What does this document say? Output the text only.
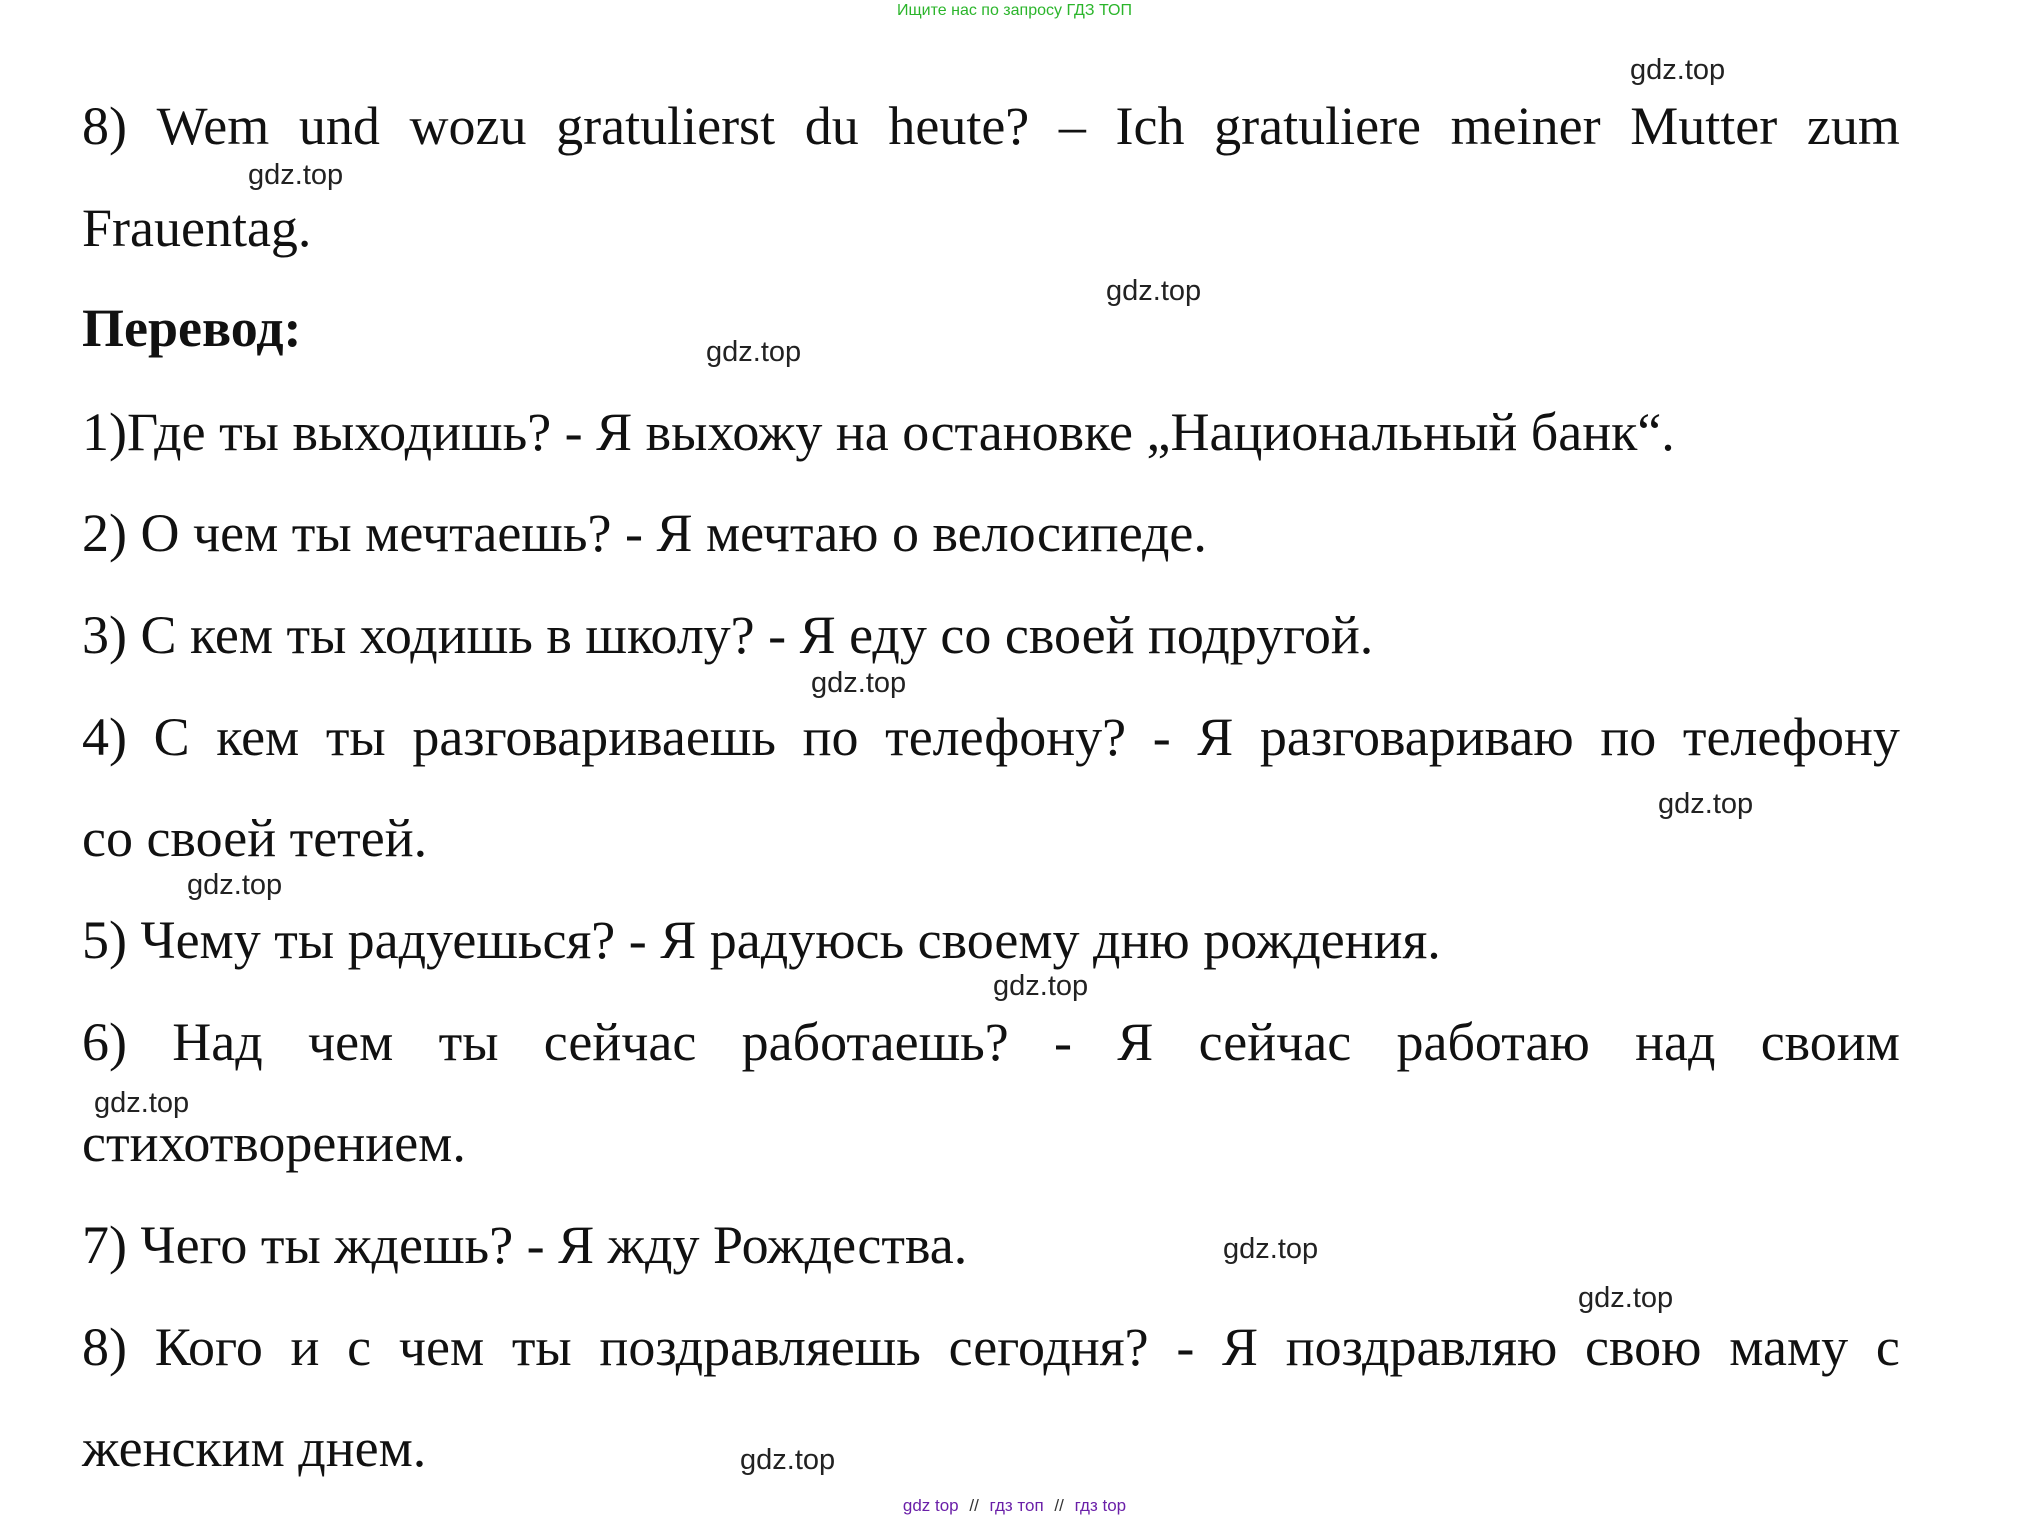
Ищите нас по запросу ГДЗ ТОП
8) Wem und wozu gratulierst du heute? – Ich gratuliere meiner Mutter zum
Frauentag.
Перевод:
1)Где ты выходишь? - Я выхожу на остановке „Национальный банк“.
2) О чем ты мечтаешь? - Я мечтаю о велосипеде.
3) С кем ты ходишь в школу? - Я еду со своей подругой.
4) С кем ты разговариваешь по телефону? - Я разговариваю по телефону
со своей тетей.
5) Чему ты радуешься? - Я радуюсь своему дню рождения.
6) Над чем ты сейчас работаешь? - Я сейчас работаю над своим
стихотворением.
7) Чего ты ждешь? - Я жду Рождества.
8) Кого и с чем ты поздравляешь сегодня? - Я поздравляю свою маму с
женским днем.
gdz.top
gdz.top
gdz.top
gdz.top
gdz.top
gdz.top
gdz.top
gdz.top
gdz.top
gdz.top
gdz.top
gdz.top
gdz top // гдз топ // гдз top
